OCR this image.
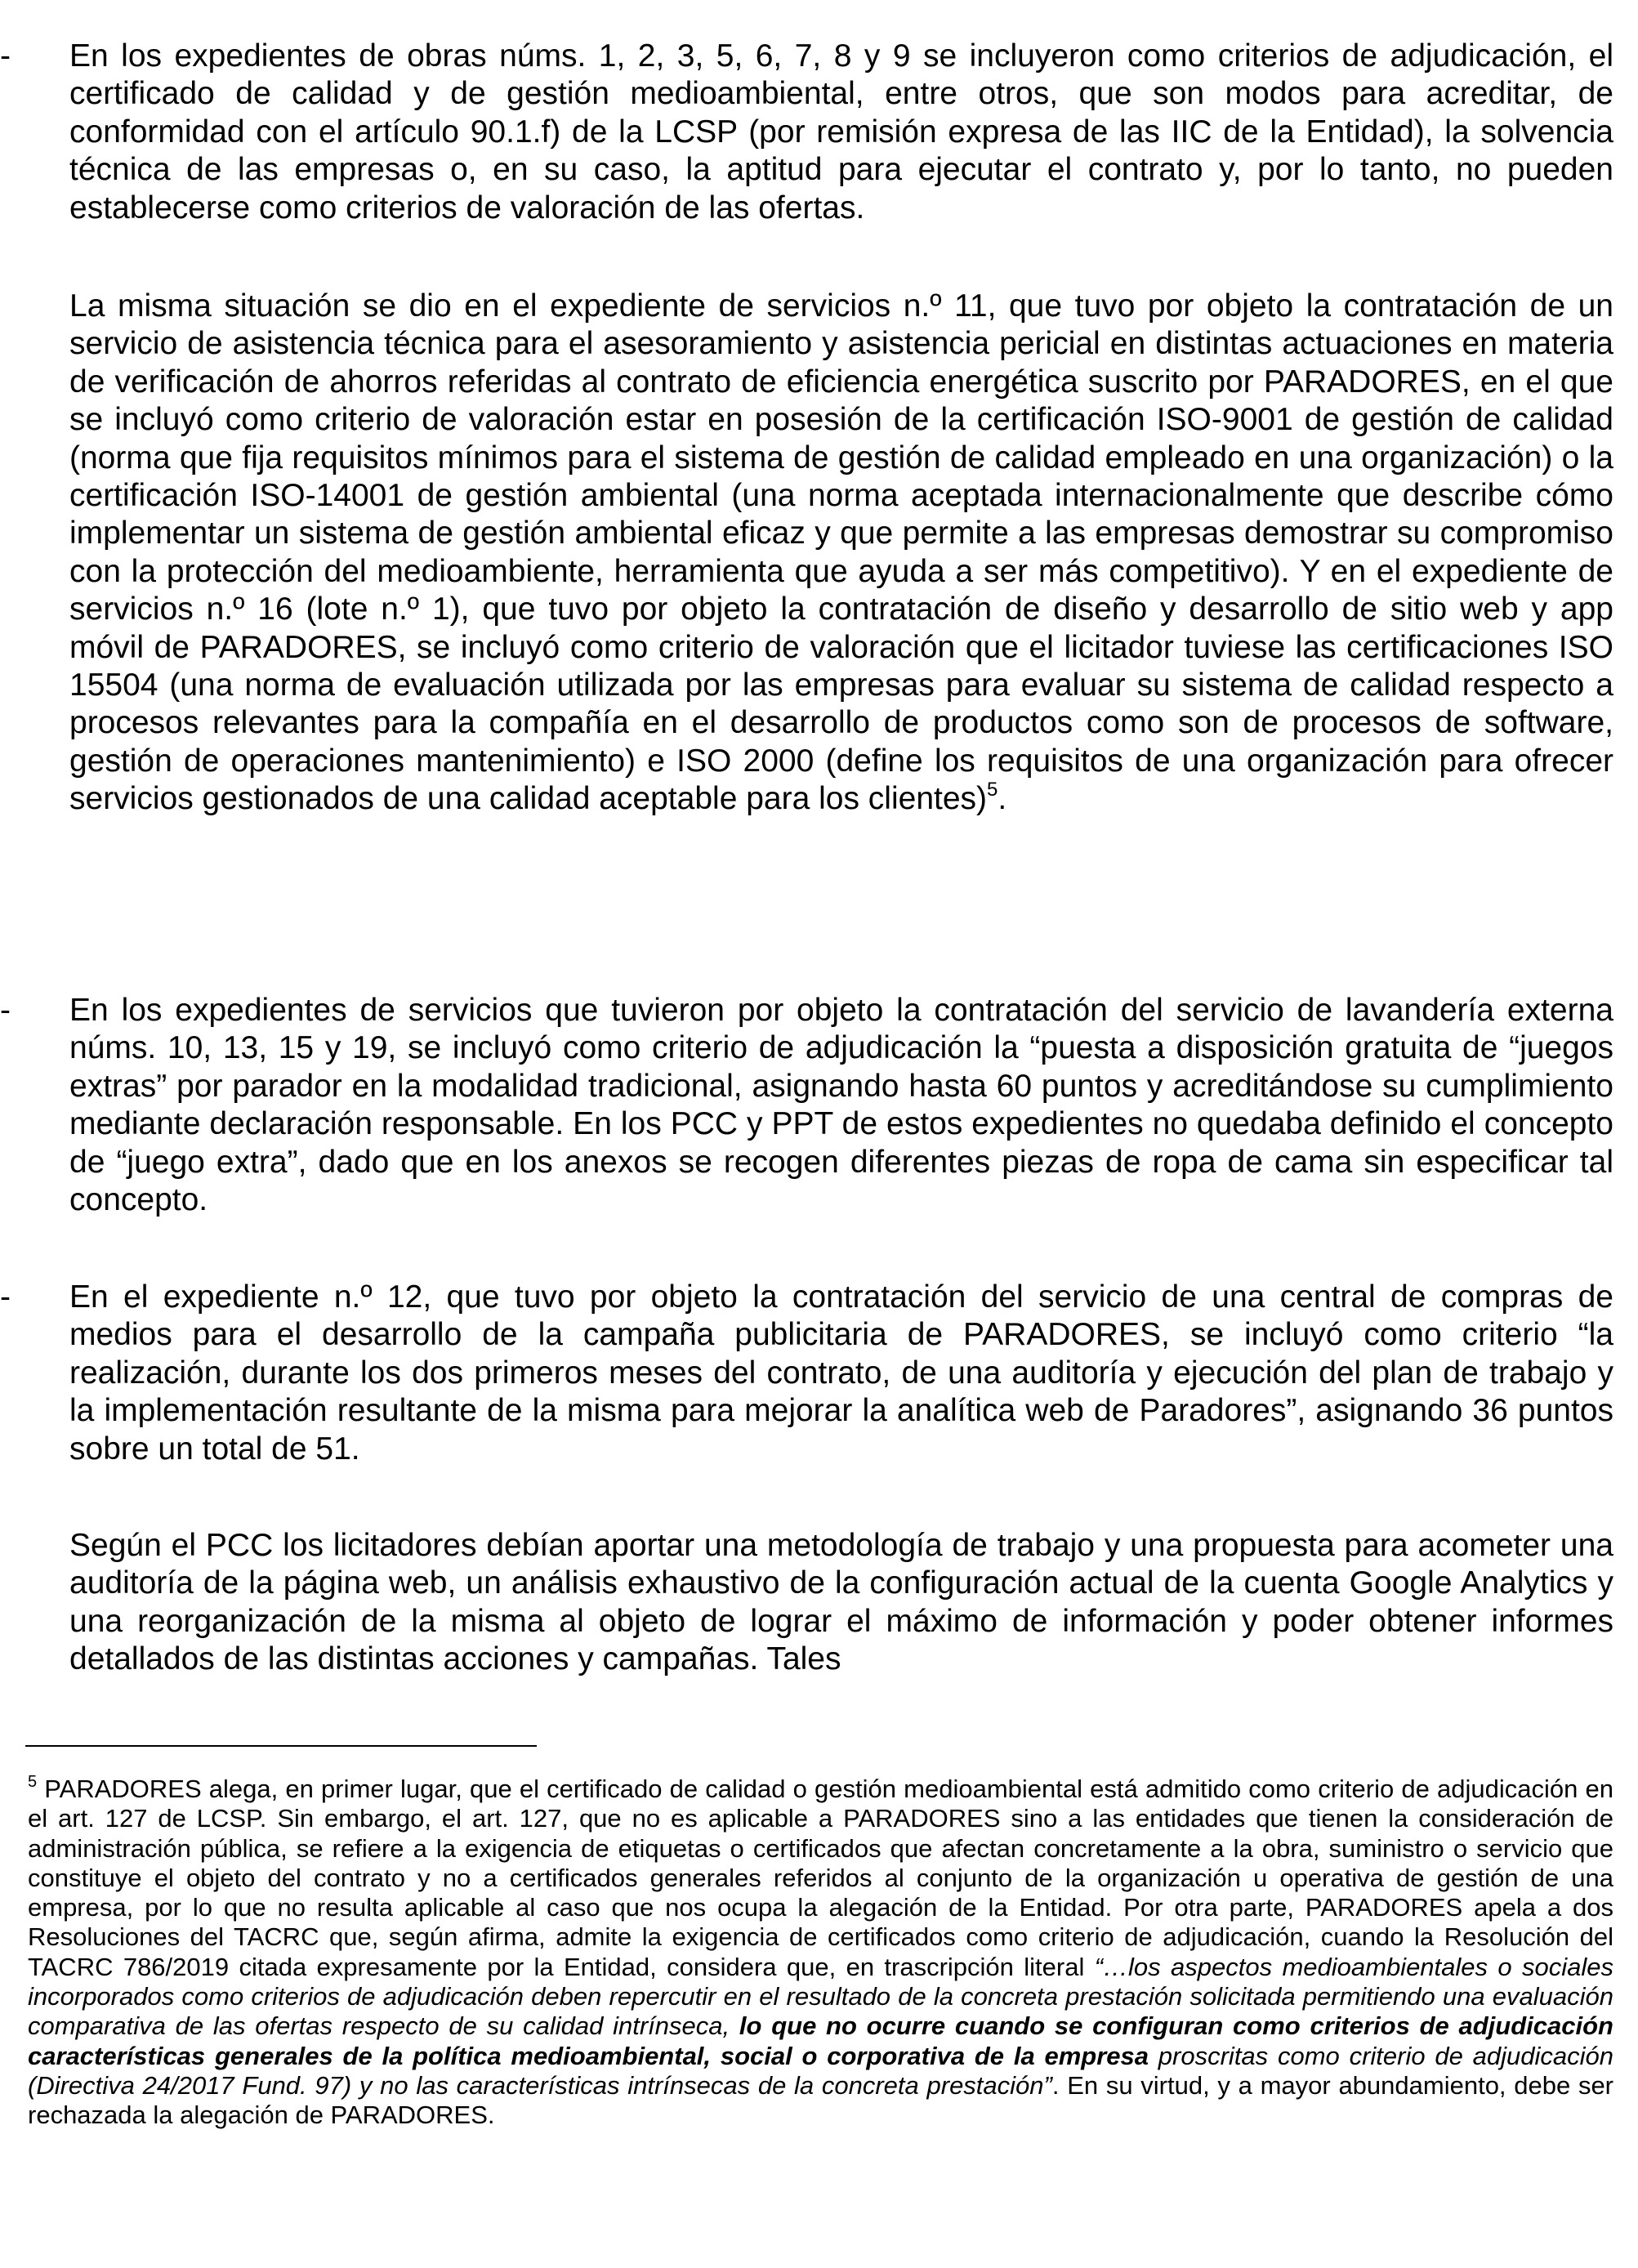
-	En los expedientes de obras núms. 1, 2, 3, 5, 6, 7, 8 y 9 se incluyeron como criterios de adjudicación, el certificado de calidad y de gestión medioambiental, entre otros, que son modos para acreditar, de conformidad con el artículo 90.1.f) de la LCSP (por remisión expresa de las IIC de la Entidad), la solvencia técnica de las empresas o, en su caso, la aptitud para ejecutar el contrato y, por lo tanto, no pueden establecerse como criterios de valoración de las ofertas.
La misma situación se dio en el expediente de servicios n.º 11, que tuvo por objeto la contratación de un servicio de asistencia técnica para el asesoramiento y asistencia pericial en distintas actuaciones en materia de verificación de ahorros referidas al contrato de eficiencia energética suscrito por PARADORES, en el que se incluyó como criterio de valoración estar en posesión de la certificación ISO-9001 de gestión de calidad (norma que fija requisitos mínimos para el sistema de gestión de calidad empleado en una organización) o la certificación ISO-14001 de gestión ambiental (una norma aceptada internacionalmente que describe cómo implementar un sistema de gestión ambiental eficaz y que permite a las empresas demostrar su compromiso con la protección del medioambiente, herramienta que ayuda a ser más competitivo). Y en el expediente de servicios n.º 16 (lote n.º 1), que tuvo por objeto la contratación de diseño y desarrollo de sitio web y app móvil de PARADORES, se incluyó como criterio de valoración que el licitador tuviese las certificaciones ISO 15504 (una norma de evaluación utilizada por las empresas para evaluar su sistema de calidad respecto a procesos relevantes para la compañía en el desarrollo de productos como son de procesos de software, gestión de operaciones mantenimiento) e ISO 2000 (define los requisitos de una organización para ofrecer servicios gestionados de una calidad aceptable para los clientes)$^5$.
-	En los expedientes de servicios que tuvieron por objeto la contratación del servicio de lavandería externa núms. 10, 13, 15 y 19, se incluyó como criterio de adjudicación la “puesta a disposición gratuita de “juegos extras” por parador en la modalidad tradicional, asignando hasta 60 puntos y acreditándose su cumplimiento mediante declaración responsable. En los PCC y PPT de estos expedientes no quedaba definido el concepto de “juego extra”, dado que en los anexos se recogen diferentes piezas de ropa de cama sin especificar tal concepto.
-	En el expediente n.º 12, que tuvo por objeto la contratación del servicio de una central de compras de medios para el desarrollo de la campaña publicitaria de PARADORES, se incluyó como criterio “la realización, durante los dos primeros meses del contrato, de una auditoría y ejecución del plan de trabajo y la implementación resultante de la misma para mejorar la analítica web de Paradores”, asignando 36 puntos sobre un total de 51.
Según el PCC los licitadores debían aportar una metodología de trabajo y una propuesta para acometer una auditoría de la página web, un análisis exhaustivo de la configuración actual de la cuenta Google Analytics y una reorganización de la misma al objeto de lograr el máximo de información y poder obtener informes detallados de las distintas acciones y campañas. Tales
$^5$ PARADORES alega, en primer lugar, que el certificado de calidad o gestión medioambiental está admitido como criterio de adjudicación en el art. 127 de LCSP. Sin embargo, el art. 127, que no es aplicable a PARADORES sino a las entidades que tienen la consideración de administración pública, se refiere a la exigencia de etiquetas o certificados que afectan concretamente a la obra, suministro o servicio que constituye el objeto del contrato y no a certificados generales referidos al conjunto de la organización u operativa de gestión de una empresa, por lo que no resulta aplicable al caso que nos ocupa la alegación de la Entidad. Por otra parte, PARADORES apela a dos Resoluciones del TACRC que, según afirma, admite la exigencia de certificados como criterio de adjudicación, cuando la Resolución del TACRC 786/2019 citada expresamente por la Entidad, considera que, en trascripción literal “…los aspectos medioambientales o sociales incorporados como criterios de adjudicación deben repercutir en el resultado de la concreta prestación solicitada permitiendo una evaluación comparativa de las ofertas respecto de su calidad intrínseca, lo que no ocurre cuando se configuran como criterios de adjudicación características generales de la política medioambiental, social o corporativa de la empresa proscritas como criterio de adjudicación (Directiva 24/2017 Fund. 97) y no las características intrínsecas de la concreta prestación”. En su virtud, y a mayor abundamiento, debe ser rechazada la alegación de PARADORES.
